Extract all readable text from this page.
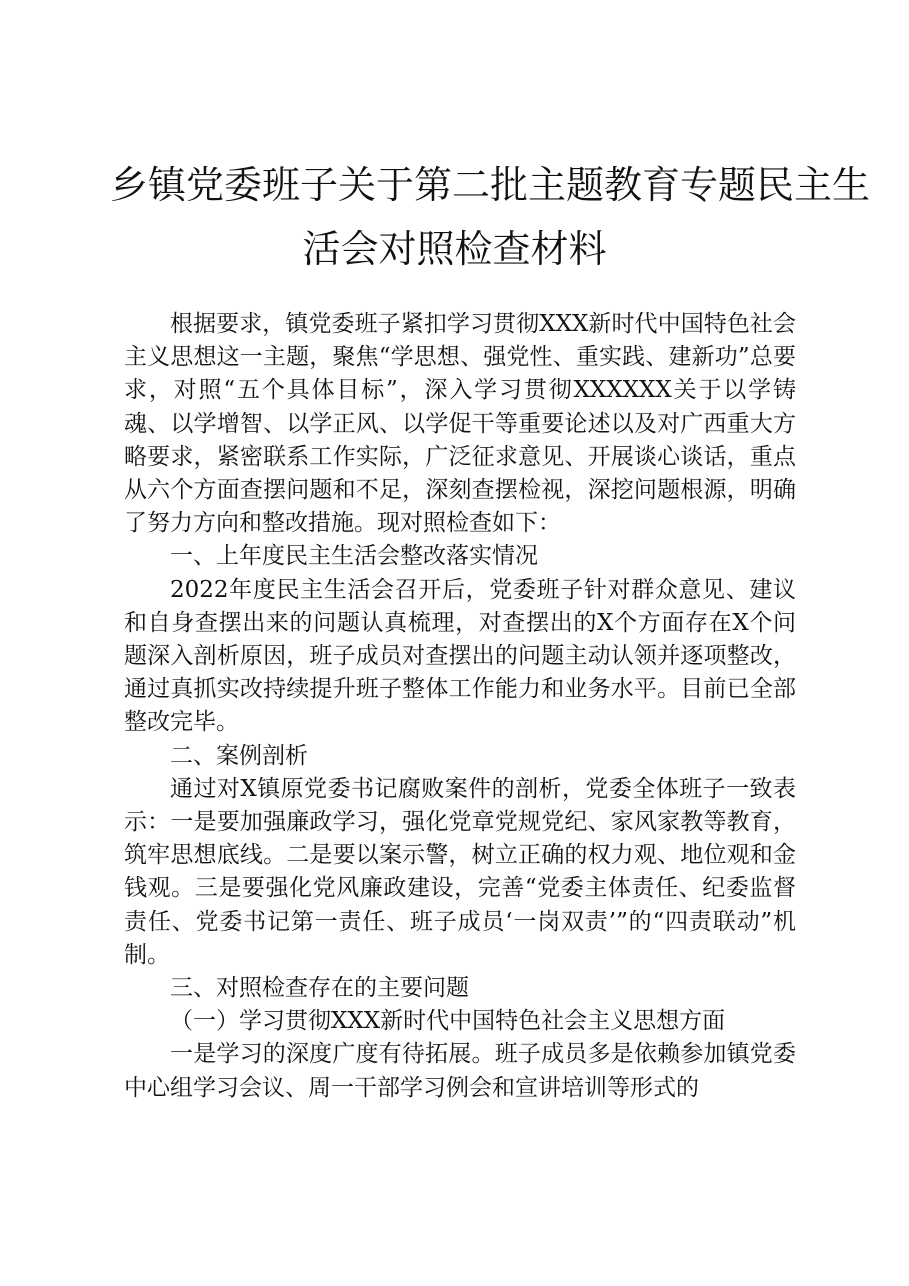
乡镇党委班子关于第二批主题教育专题民主生
活会对照检查材料

根据要求，镇党委班子紧扣学习贯彻XXX新时代中国特色社会主义思想这一主题，聚焦“学思想、强党性、重实践、建新功”总要求，对照“五个具体目标”，深入学习贯彻XXXXXX关于以学铸魂、以学增智、以学正风、以学促干等重要论述以及对广西重大方略要求，紧密联系工作实际，广泛征求意见、开展谈心谈话，重点从六个方面查摆问题和不足，深刻查摆检视，深挖问题根源，明确了努力方向和整改措施。现对照检查如下：

一、上年度民主生活会整改落实情况

2022年度民主生活会召开后，党委班子针对群众意见、建议和自身查摆出来的问题认真梳理，对查摆出的X个方面存在X个问题深入剖析原因，班子成员对查摆出的问题主动认领并逐项整改，通过真抓实改持续提升班子整体工作能力和业务水平。目前已全部整改完毕。

二、案例剖析

通过对X镇原党委书记腐败案件的剖析，党委全体班子一致表示：一是要加强廉政学习，强化党章党规党纪、家风家教等教育，筑牢思想底线。二是要以案示警，树立正确的权力观、地位观和金钱观。三是要强化党风廉政建设，完善“党委主体责任、纪委监督责任、党委书记第一责任、班子成员‘一岗双责’”的“四责联动”机制。

三、对照检查存在的主要问题

（一）学习贯彻XXX新时代中国特色社会主义思想方面

一是学习的深度广度有待拓展。班子成员多是依赖参加镇党委中心组学习会议、周一干部学习例会和宣讲培训等形式的
